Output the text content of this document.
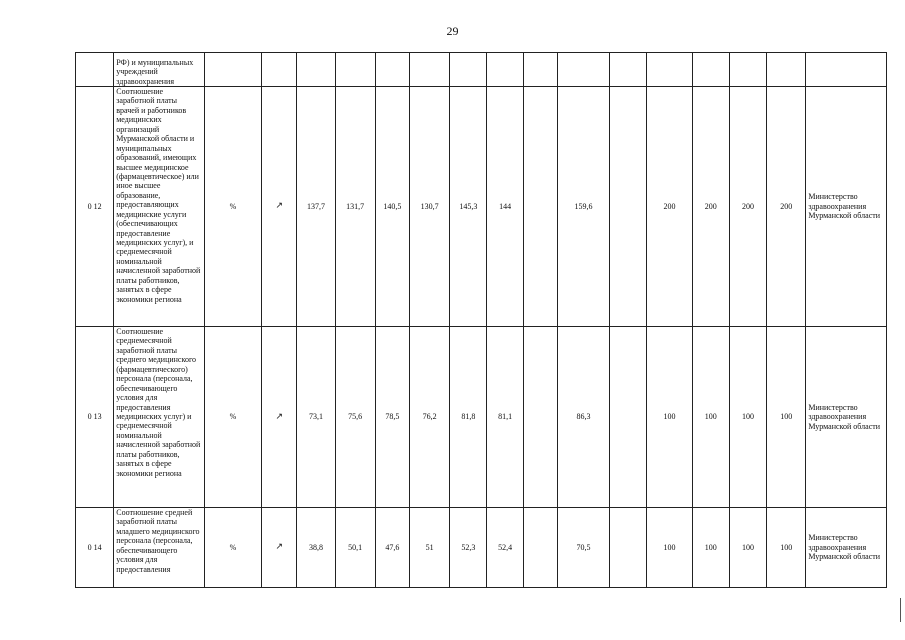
29
	РФ) и муниципальных учреждений здравоохранения																
0 12	Соотношение заработной платы врачей и работников медицинских организаций Мурманской области и муниципальных образований, имеющих высшее медицинское (фармацевтическое) или иное высшее образование, предоставляющих медицинские услуги (обеспечивающих предоставление медицинских услуг), и среднемесячной номинальной начисленной заработной платы работников, занятых в сфере экономики региона	%	↗	137,7	131,7	140,5	130,7	145,3	144		159,6		200	200	200	200	Министерство здравоохранения Мурманской области
0 13	Соотношение среднемесячной заработной платы среднего медицинского (фармацевтического) персонала (персонала, обеспечивающего условия для предоставления медицинских услуг) и среднемесячной номинальной начисленной заработной платы работников, занятых в сфере экономики региона	%	↗	73,1	75,6	78,5	76,2	81,8	81,1		86,3		100	100	100	100	Министерство здравоохранения Мурманской области
0 14	Соотношение средней заработной платы младшего медицинского персонала (персонала, обеспечивающего условия для предоставления	%	↗	38,8	50,1	47,6	51	52,3	52,4		70,5		100	100	100	100	Министерство здравоохранения Мурманской области
